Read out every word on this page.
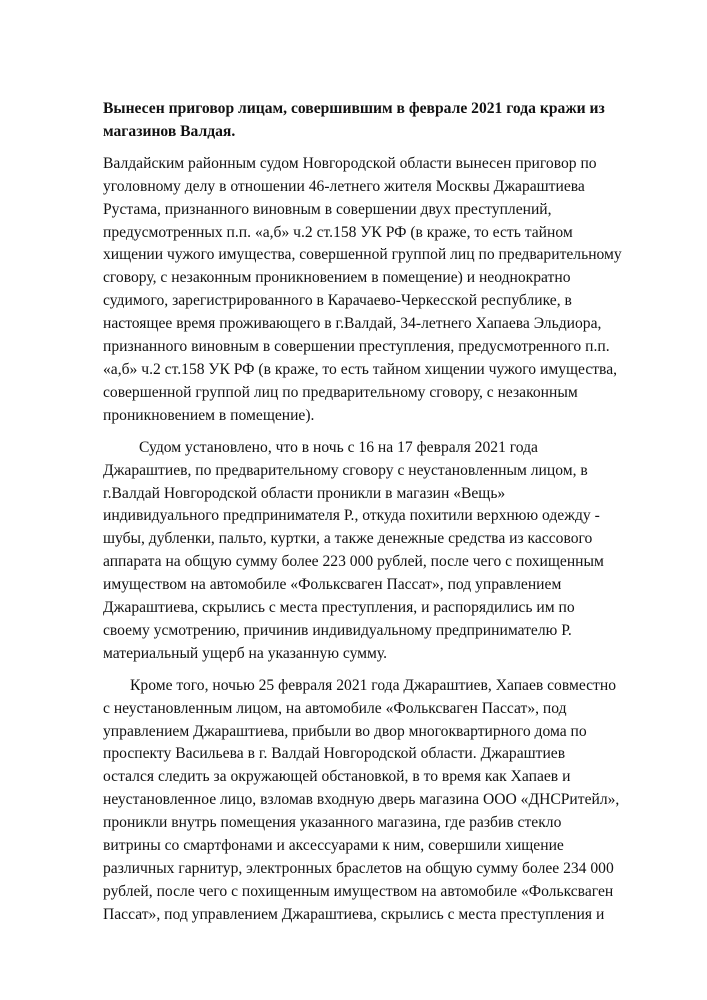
Вынесен приговор лицам, совершившим в феврале 2021 года кражи из
магазинов Валдая.
Валдайским районным судом Новгородской области вынесен приговор по
уголовному делу в отношении 46-летнего жителя Москвы Джараштиева
Рустама, признанного виновным в совершении двух преступлений,
предусмотренных п.п. «а,б» ч.2 ст.158 УК РФ (в краже, то есть тайном
хищении чужого имущества, совершенной группой лиц по предварительному
сговору, с незаконным проникновением в помещение) и неоднократно
судимого, зарегистрированного в Карачаево-Черкесской республике, в
настоящее время проживающего в г.Валдай, 34-летнего Хапаева Эльдиора,
признанного виновным в совершении преступления, предусмотренного п.п.
«а,б» ч.2 ст.158 УК РФ (в краже, то есть тайном хищении чужого имущества,
совершенной группой лиц по предварительному сговору, с незаконным
проникновением в помещение).
Судом установлено, что в ночь с 16 на 17 февраля 2021 года
Джараштиев, по предварительному сговору с неустановленным лицом, в
г.Валдай Новгородской области проникли в магазин «Вещь»
индивидуального предпринимателя Р., откуда похитили верхнюю одежду -
шубы, дубленки, пальто, куртки, а также денежные средства из кассового
аппарата на общую сумму более 223 000 рублей, после чего с похищенным
имуществом на автомобиле «Фольксваген Пассат», под управлением
Джараштиева, скрылись с места преступления, и распорядились им по
своему усмотрению, причинив индивидуальному предпринимателю Р.
материальный ущерб на указанную сумму.
Кроме того, ночью 25 февраля 2021 года Джараштиев, Хапаев совместно
с неустановленным лицом, на автомобиле «Фольксваген Пассат», под
управлением Джараштиева, прибыли во двор многоквартирного дома по
проспекту Васильева в г. Валдай Новгородской области. Джараштиев
остался следить за окружающей обстановкой, в то время как Хапаев и
неустановленное лицо, взломав входную дверь магазина ООО «ДНСРитейл»,
проникли внутрь помещения указанного магазина, где разбив стекло
витрины со смартфонами и аксессуарами к ним, совершили хищение
различных гарнитур, электронных браслетов на общую сумму более 234 000
рублей, после чего с похищенным имуществом на автомобиле «Фольксваген
Пассат», под управлением Джараштиева, скрылись с места преступления и
